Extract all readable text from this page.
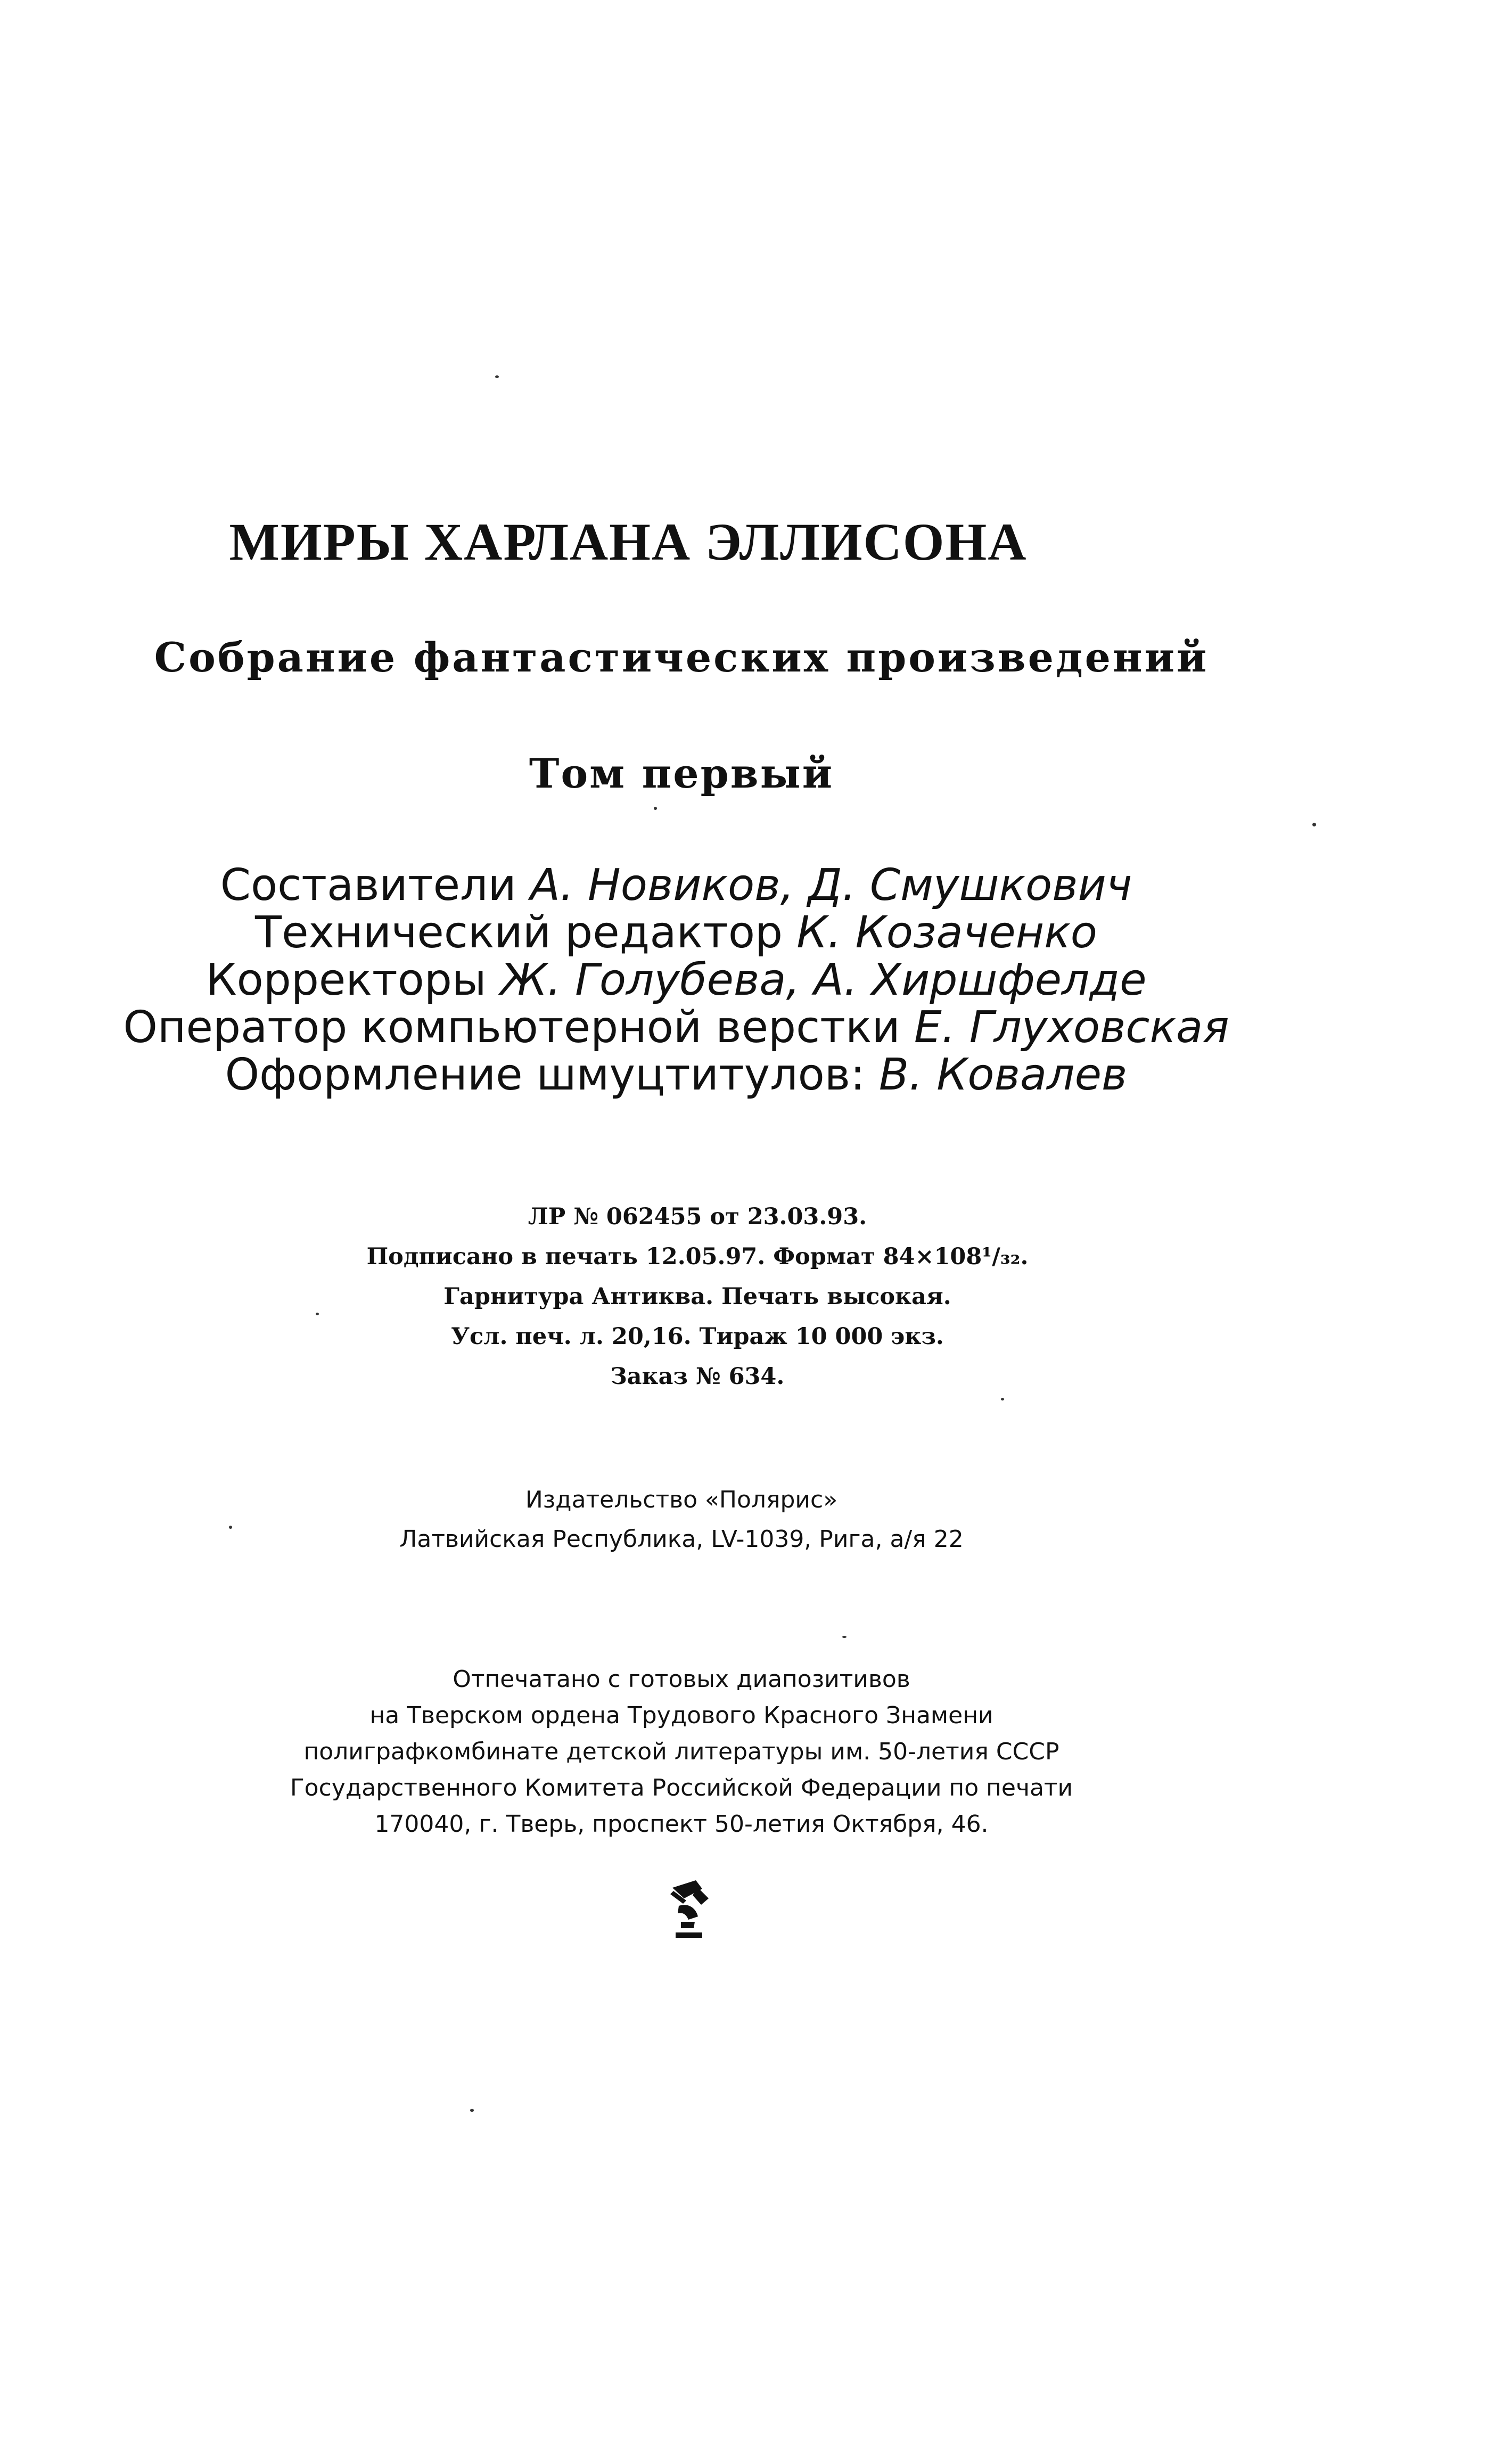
МИРЫ ХАРЛАНА ЭЛЛИСОНА
Собрание фантастических произведений
Том первый
Составители А. Новиков, Д. Смушкович
Технический редактор К. Козаченко
Корректоры Ж. Голубева, А. Хиршфелде
Оператор компьютерной верстки Е. Глуховская
Оформление шмуцтитулов: В. Ковалев
ЛР № 062455 от 23.03.93.
Подписано в печать 12.05.97. Формат 84×108¹/₃₂.
Гарнитура Антиква. Печать высокая.
Усл. печ. л. 20,16. Тираж 10 000 экз.
Заказ № 634.
Издательство «Полярис»
Латвийская Республика, LV-1039, Рига, а/я 22
Отпечатано с готовых диапозитивов
на Тверском ордена Трудового Красного Знамени
полиграфкомбинате детской литературы им. 50-летия СССР
Государственного Комитета Российской Федерации по печати
170040, г. Тверь, проспект 50-летия Октября, 46.
